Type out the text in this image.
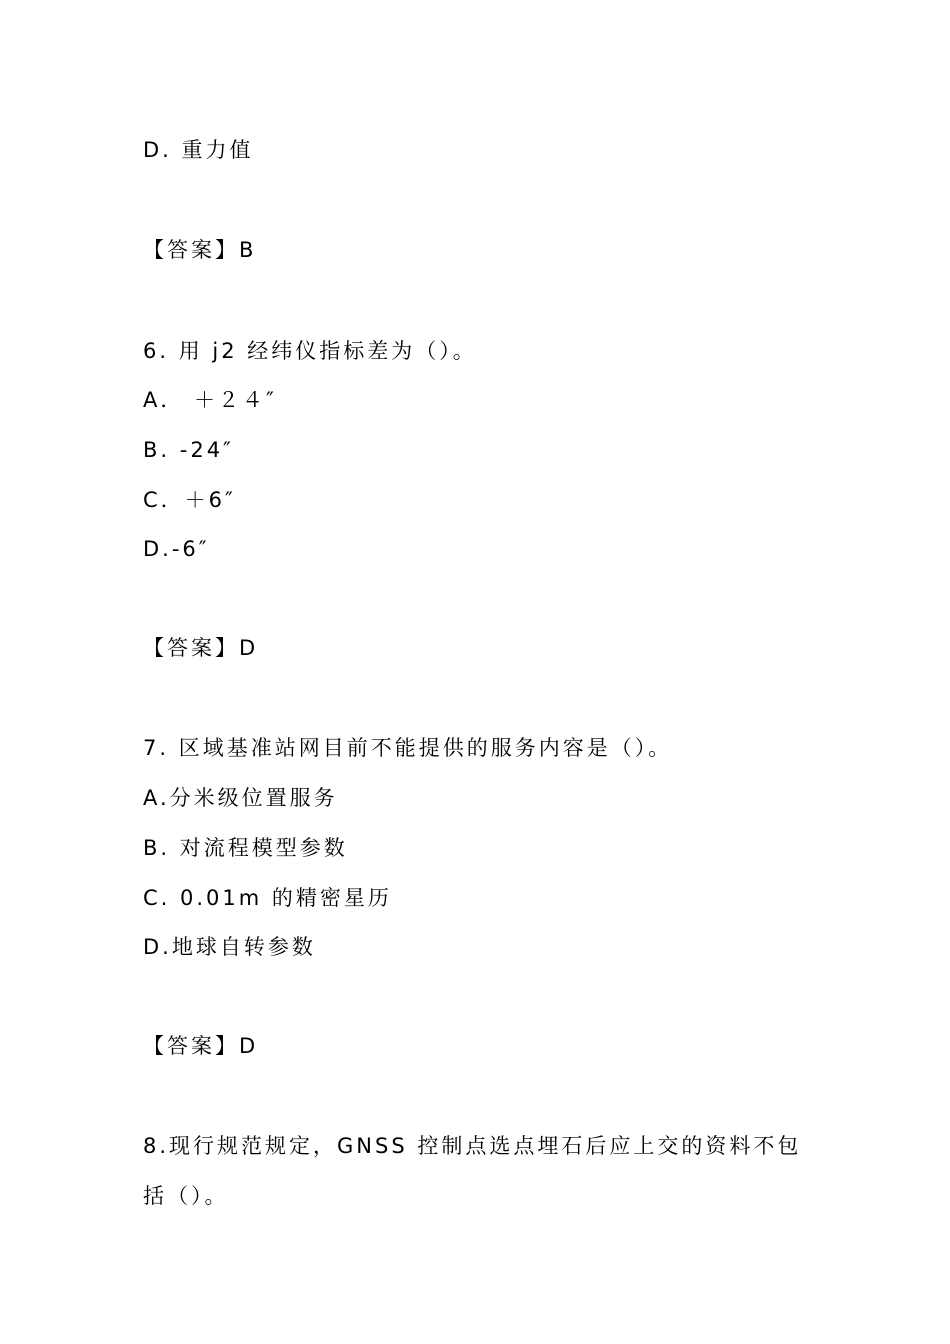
D. 重力值
【答案】B
6. 用 j2 经纬仪指标差为（）。
A． ＋２４″
B. -24″
C．＋6″
D.-6″
【答案】D
7. 区域基准站网目前不能提供的服务内容是（）。
A.分米级位置服务
B. 对流程模型参数
C. 0.01m 的精密星历
D.地球自转参数
【答案】D
8.现行规范规定，GNSS 控制点选点埋石后应上交的资料不包
括（）。
